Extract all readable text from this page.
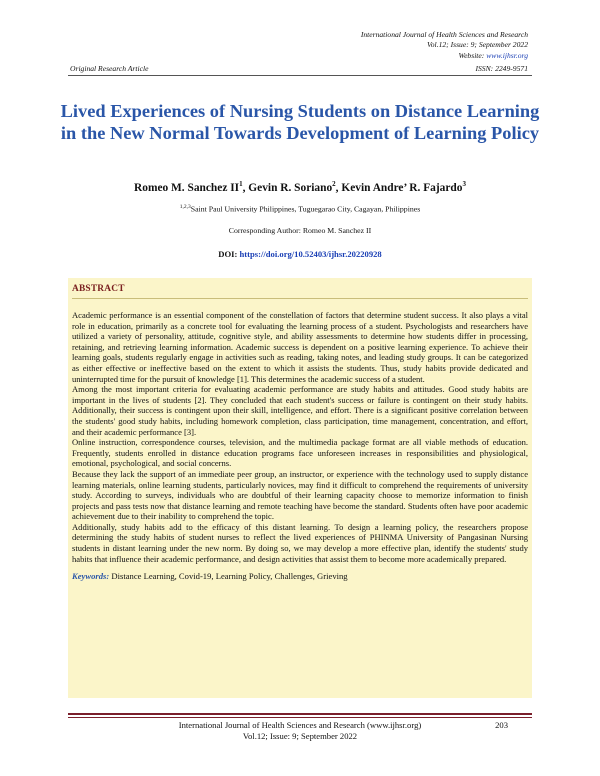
International Journal of Health Sciences and Research
Vol.12; Issue: 9; September 2022
Website: www.ijhsr.org
Original Research Article	ISSN: 2249-9571
Lived Experiences of Nursing Students on Distance Learning in the New Normal Towards Development of Learning Policy
Romeo M. Sanchez $II^1$, Gevin R. Soriano$^2$, Kevin Andre’ R. Fajardo$^3$
$^{1,2,3}$Saint Paul University Philippines, Tuguegarao City, Cagayan, Philippines
Corresponding Author: Romeo M. Sanchez II
DOI: https://doi.org/10.52403/ijhsr.20220928
ABSTRACT

Academic performance is an essential component of the constellation of factors that determine student success. It also plays a vital role in education, primarily as a concrete tool for evaluating the learning process of a student. Psychologists and researchers have utilized a variety of personality, attitude, cognitive style, and ability assessments to determine how students differ in processing, retaining, and retrieving learning information. Academic success is dependent on a positive learning experience. To achieve their learning goals, students regularly engage in activities such as reading, taking notes, and leading study groups. It can be categorized as either effective or ineffective based on the extent to which it assists the students. Thus, study habits provide dedicated and uninterrupted time for the pursuit of knowledge [1]. This determines the academic success of a student.

Among the most important criteria for evaluating academic performance are study habits and attitudes. Good study habits are important in the lives of students [2]. They concluded that each student's success or failure is contingent on their study habits. Additionally, their success is contingent upon their skill, intelligence, and effort. There is a significant positive correlation between the students' good study habits, including homework completion, class participation, time management, concentration, and effort, and their academic performance [3].

Online instruction, correspondence courses, television, and the multimedia package format are all viable methods of education. Frequently, students enrolled in distance education programs face unforeseen increases in responsibilities and physiological, emotional, psychological, and social concerns.

Because they lack the support of an immediate peer group, an instructor, or experience with the technology used to supply distance learning materials, online learning students, particularly novices, may find it difficult to comprehend the requirements of university study. According to surveys, individuals who are doubtful of their learning capacity choose to memorize information to finish projects and pass tests now that distance learning and remote teaching have become the standard. Students often have poor academic achievement due to their inability to comprehend the topic.

Additionally, study habits add to the efficacy of this distant learning. To design a learning policy, the researchers propose determining the study habits of student nurses to reflect the lived experiences of PHINMA University of Pangasinan Nursing students in distant learning under the new norm. By doing so, we may develop a more effective plan, identify the students' study habits that influence their academic performance, and design activities that assist them to become more academically prepared.

Keywords: Distance Learning, Covid-19, Learning Policy, Challenges, Grieving
International Journal of Health Sciences and Research (www.ijhsr.org)
Vol.12; Issue: 9; September 2022
203
